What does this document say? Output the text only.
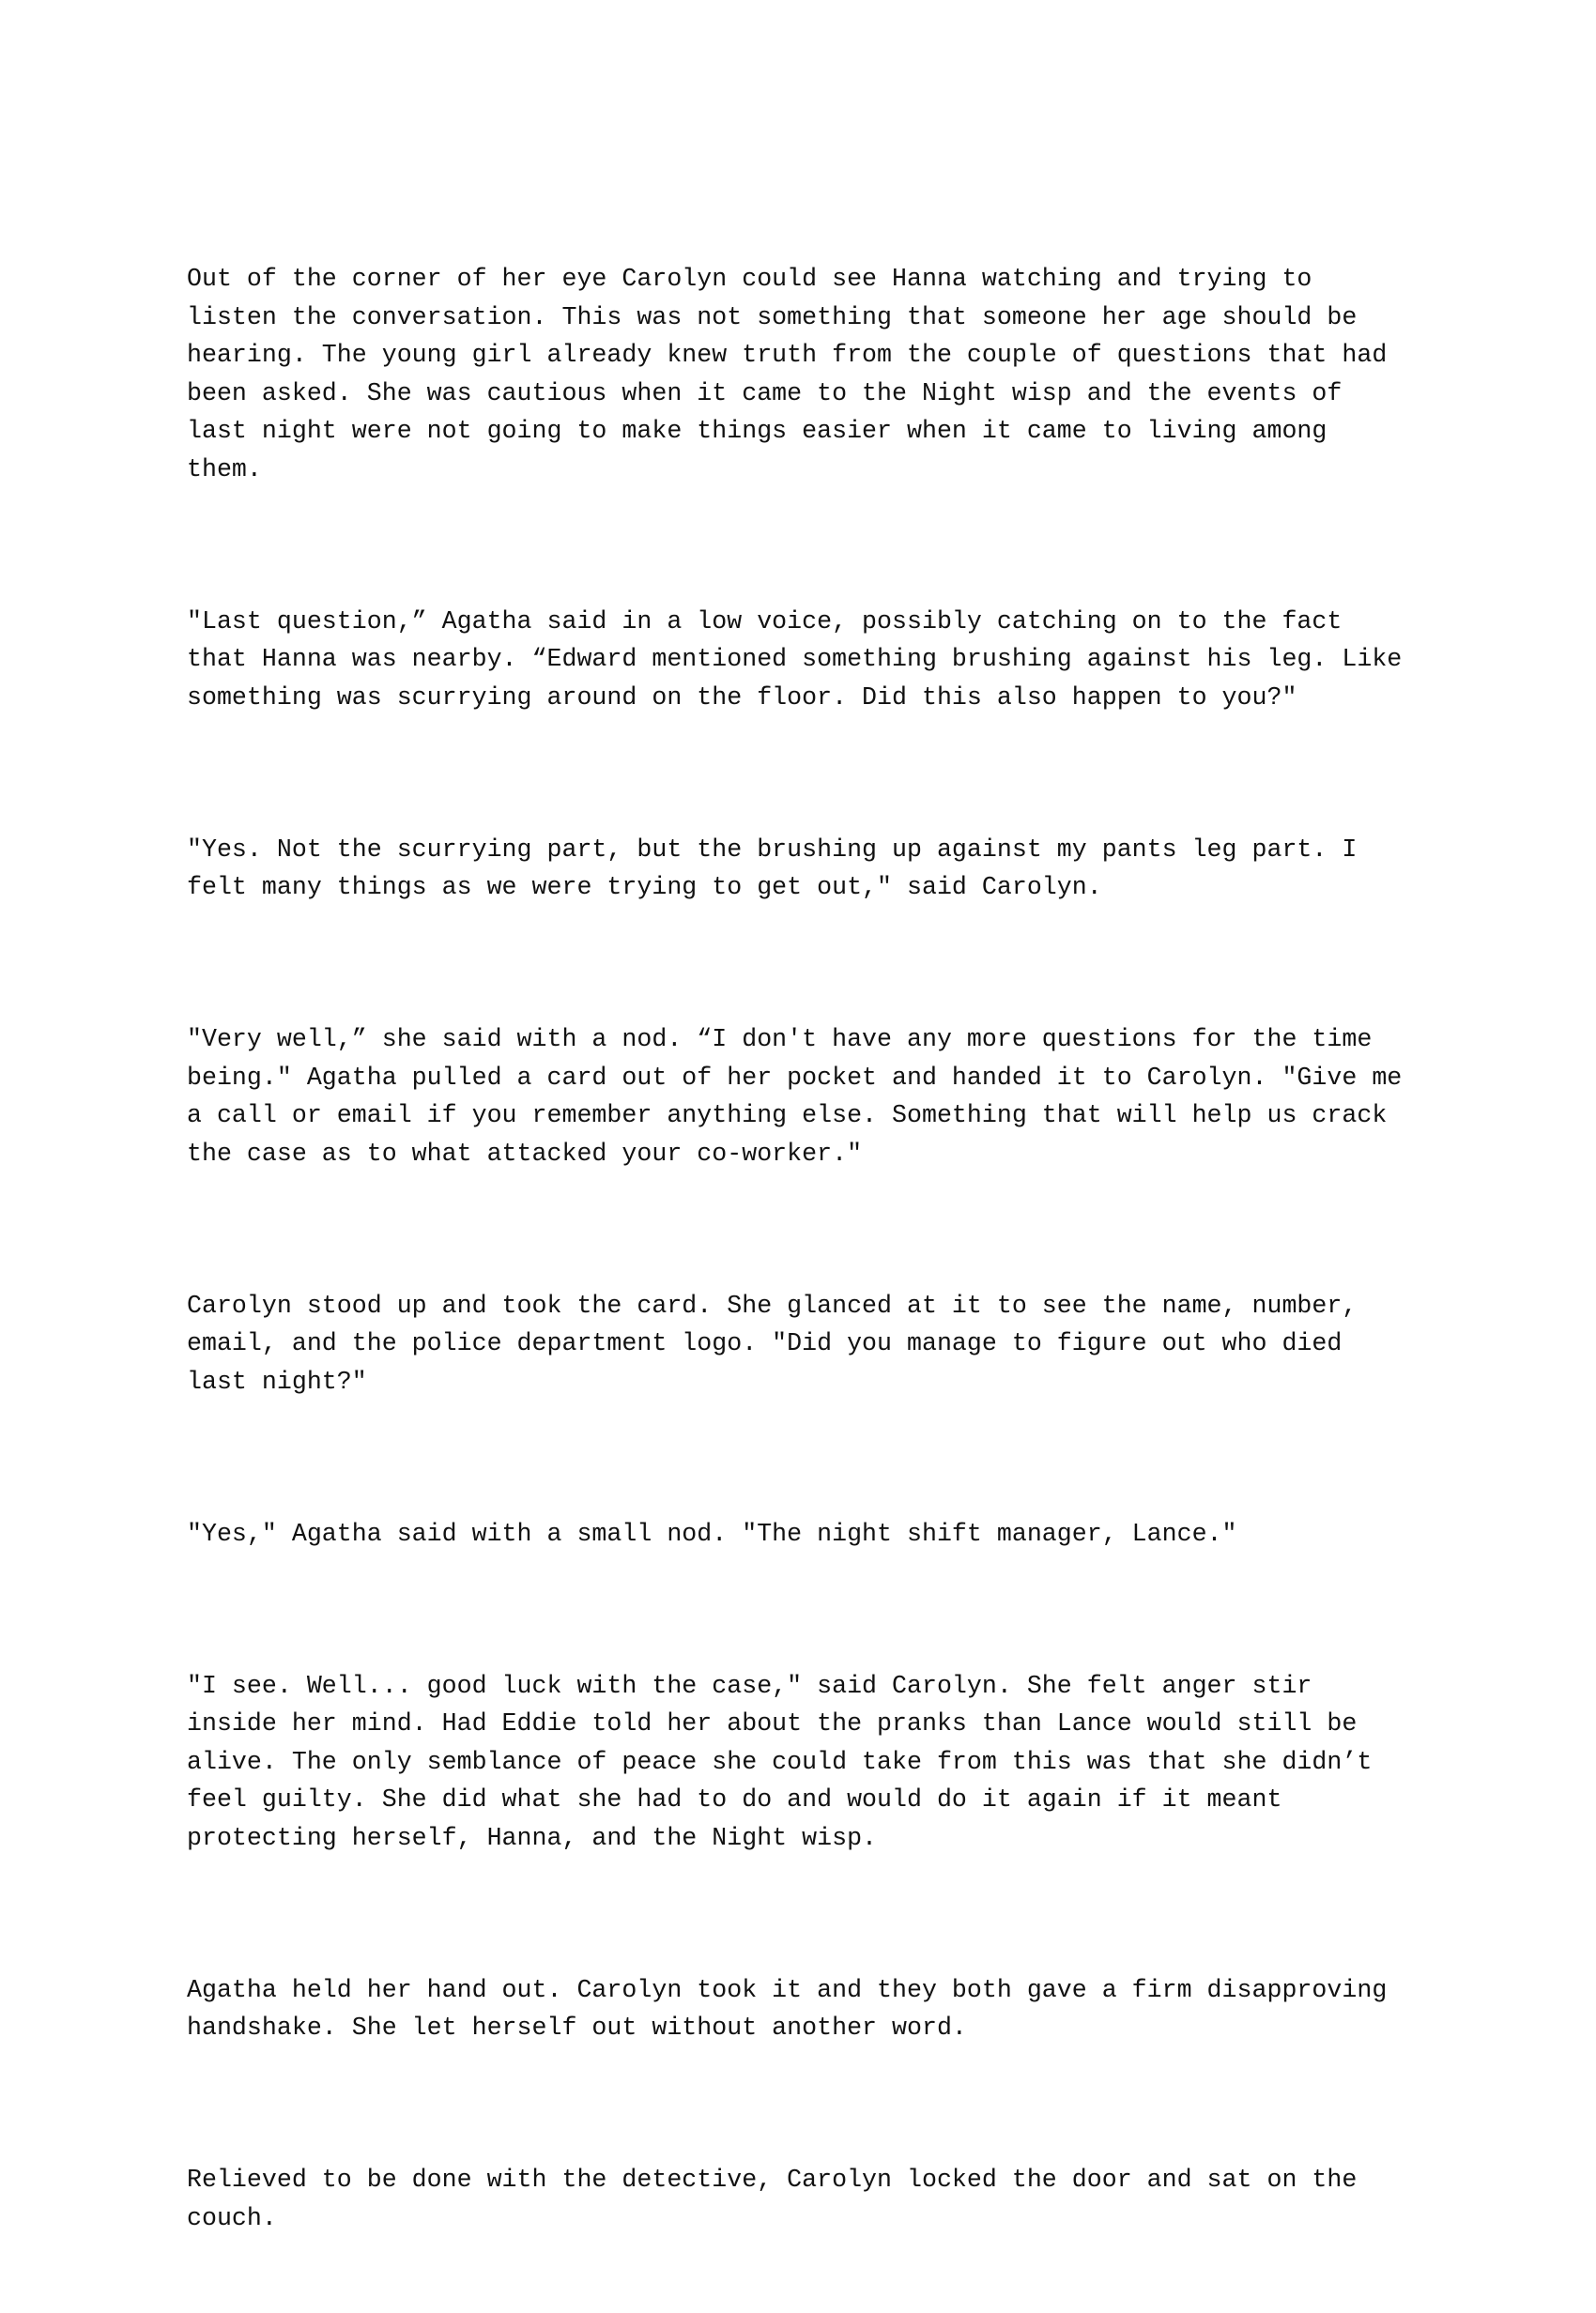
Out of the corner of her eye Carolyn could see Hanna watching and trying to listen the conversation. This was not something that someone her age should be hearing. The young girl already knew truth from the couple of questions that had been asked. She was cautious when it came to the Night wisp and the events of last night were not going to make things easier when it came to living among them.

"Last question,” Agatha said in a low voice, possibly catching on to the fact that Hanna was nearby. “Edward mentioned something brushing against his leg. Like something was scurrying around on the floor. Did this also happen to you?"

"Yes. Not the scurrying part, but the brushing up against my pants leg part. I felt many things as we were trying to get out," said Carolyn.

"Very well,” she said with a nod. “I don't have any more questions for the time being." Agatha pulled a card out of her pocket and handed it to Carolyn. "Give me a call or email if you remember anything else. Something that will help us crack the case as to what attacked your co-worker."

Carolyn stood up and took the card. She glanced at it to see the name, number, email, and the police department logo. "Did you manage to figure out who died last night?"

"Yes," Agatha said with a small nod. "The night shift manager, Lance."

"I see. Well... good luck with the case," said Carolyn. She felt anger stir inside her mind. Had Eddie told her about the pranks than Lance would still be alive. The only semblance of peace she could take from this was that she didn’t feel guilty. She did what she had to do and would do it again if it meant protecting herself, Hanna, and the Night wisp.

Agatha held her hand out. Carolyn took it and they both gave a firm disapproving handshake. She let herself out without another word.

Relieved to be done with the detective, Carolyn locked the door and sat on the couch.
